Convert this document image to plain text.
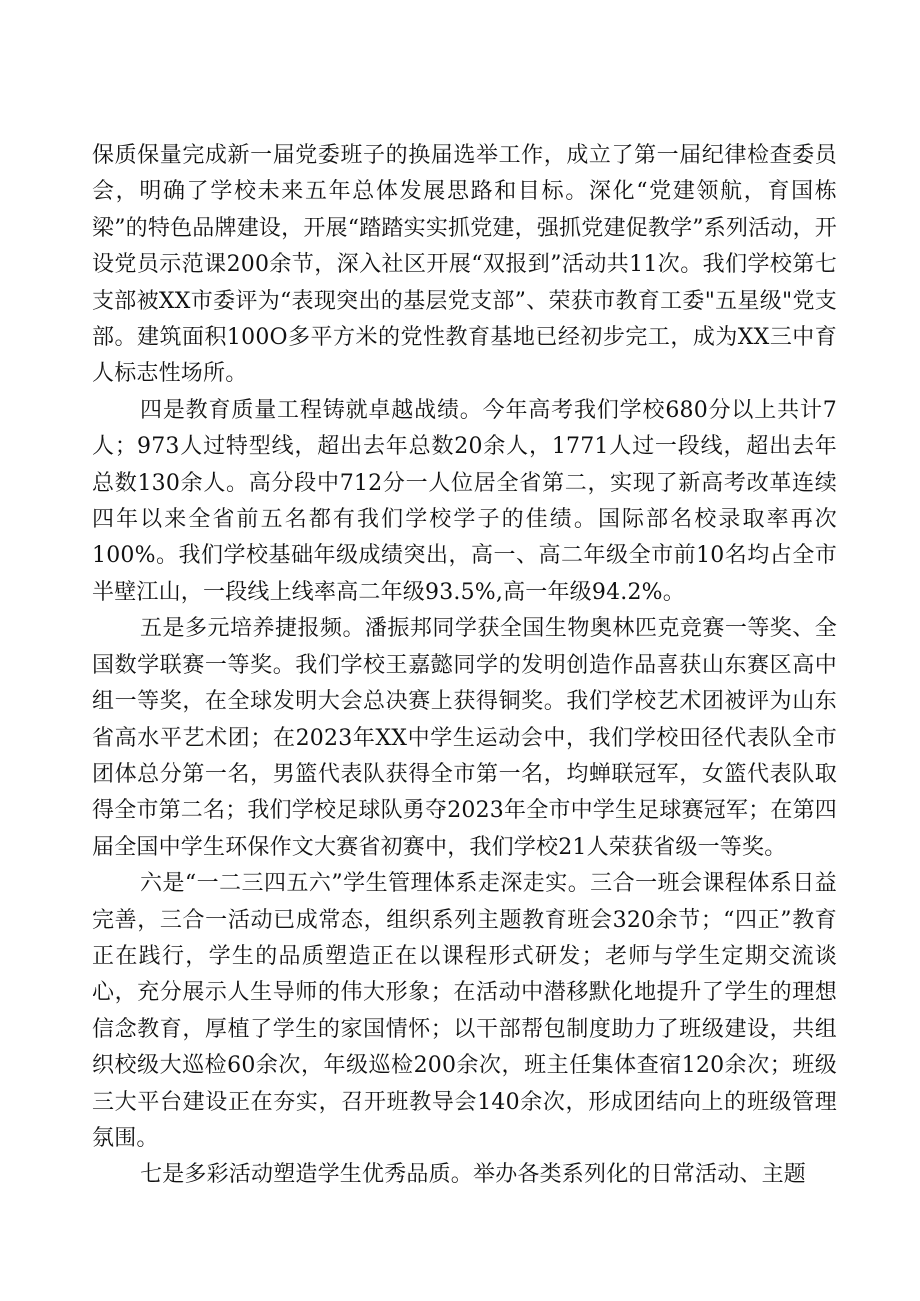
保质保量完成新一届党委班子的换届选举工作，成立了第一届纪律检查委员会，明确了学校未来五年总体发展思路和目标。深化“党建领航，育国栋梁”的特色品牌建设，开展“踏踏实实抓党建，强抓党建促教学”系列活动，开设党员示范课200余节，深入社区开展“双报到”活动共11次。我们学校第七支部被XX市委评为“表现突出的基层党支部”、荣获市教育工委"五星级"党支部。建筑面积100O多平方米的党性教育基地已经初步完工，成为XX三中育人标志性场所。

四是教育质量工程铸就卓越战绩。今年高考我们学校680分以上共计7人；973人过特型线，超出去年总数20余人，1771人过一段线，超出去年总数130余人。高分段中712分一人位居全省第二，实现了新高考改革连续四年以来全省前五名都有我们学校学子的佳绩。国际部名校录取率再次100%。我们学校基础年级成绩突出，高一、高二年级全市前10名均占全市半壁江山，一段线上线率高二年级93.5%,高一年级94.2%。

五是多元培养捷报频。潘振邦同学获全国生物奥林匹克竞赛一等奖、全国数学联赛一等奖。我们学校王嘉懿同学的发明创造作品喜获山东赛区高中组一等奖，在全球发明大会总决赛上获得铜奖。我们学校艺术团被评为山东省高水平艺术团；在2023年XX中学生运动会中，我们学校田径代表队全市团体总分第一名，男篮代表队获得全市第一名，均蝉联冠军，女篮代表队取得全市第二名；我们学校足球队勇夺2023年全市中学生足球赛冠军；在第四届全国中学生环保作文大赛省初赛中，我们学校21人荣获省级一等奖。

六是“一二三四五六”学生管理体系走深走实。三合一班会课程体系日益完善，三合一活动已成常态，组织系列主题教育班会320余节；“四正”教育正在践行，学生的品质塑造正在以课程形式研发；老师与学生定期交流谈心，充分展示人生导师的伟大形象；在活动中潜移默化地提升了学生的理想信念教育，厚植了学生的家国情怀；以干部帮包制度助力了班级建设，共组织校级大巡检60余次，年级巡检200余次，班主任集体查宿120余次；班级三大平台建设正在夯实，召开班教导会140余次，形成团结向上的班级管理氛围。

七是多彩活动塑造学生优秀品质。举办各类系列化的日常活动、主题
